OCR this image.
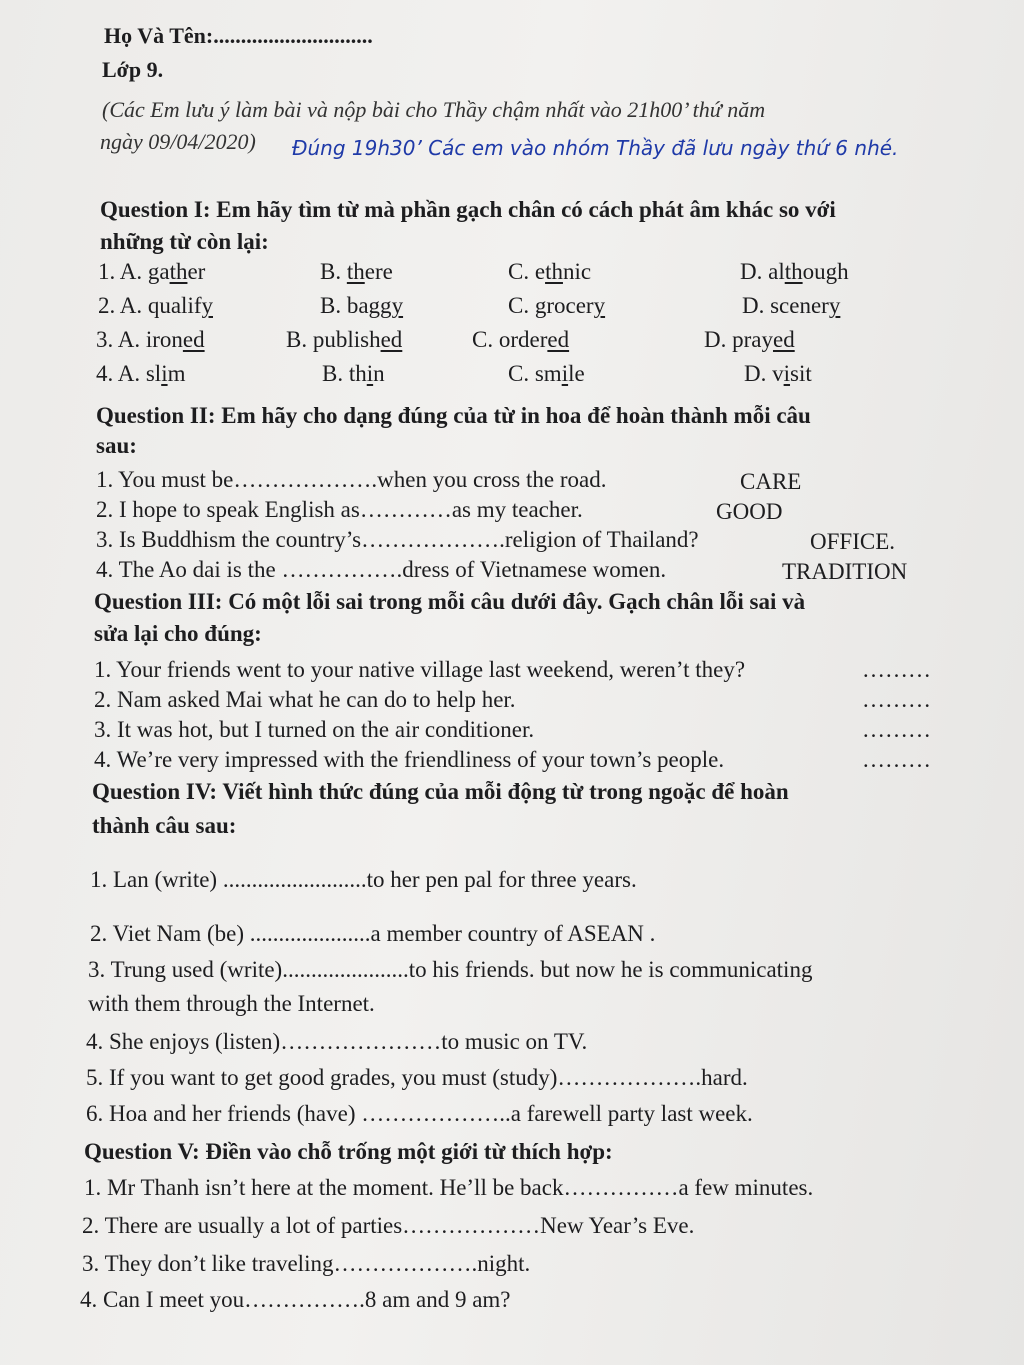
Họ Và Tên:.............................
Lớp 9.
(Các Em lưu ý làm bài và nộp bài cho Thầy chậm nhất vào 21h00’ thứ năm
ngày 09/04/2020) Đúng 19h30’ Các em vào nhóm Thầy đã lưu ngày thứ 6 nhé.
Question I: Em hãy tìm từ mà phần gạch chân có cách phát âm khác so với
những từ còn lại:
1. A. gather	B. there	C. ethnic	D. although
2. A. qualify	B. baggy	C. grocery	D. scenery
3. A. ironed	B. published	C. ordered	D. prayed
4. A. slim	B. thin	C. smile	D. visit
Question II: Em hãy cho dạng đúng của từ in hoa để hoàn thành mỗi câu
sau:
1. You must be……………….when you cross the road.	CARE
2. I hope to speak English as…………as my teacher.	GOOD
3. Is Buddhism the country’s……………….religion of Thailand?	OFFICE.
4. The Ao dai is the …………….dress of Vietnamese women.	TRADITION
Question III: Có một lỗi sai trong mỗi câu dưới đây. Gạch chân lỗi sai và
sửa lại cho đúng:
1. Your friends went to your native village last weekend, weren’t they?	………
2. Nam asked Mai what he can do to help her.	………
3. It was hot, but I turned on the air conditioner.	………
4. We’re very impressed with the friendliness of your town’s people.	………
Question IV: Viết hình thức đúng của mỗi động từ trong ngoặc để hoàn
thành câu sau:
1. Lan (write) .........................to her pen pal for three years.
2. Viet Nam (be) .....................a member country of ASEAN .
3. Trung used (write)......................to his friends. but now he is communicating
with them through the Internet.
4. She enjoys (listen)…………………to music on TV.
5. If you want to get good grades, you must (study)……………….hard.
6. Hoa and her friends (have) ………………..a farewell party last week.
Question V: Điền vào chỗ trống một giới từ thích hợp:
1. Mr Thanh isn’t here at the moment. He’ll be back……………a few minutes.
2. There are usually a lot of parties………………New Year’s Eve.
3. They don’t like traveling……………….night.
4. Can I meet you…………….8 am and 9 am?
